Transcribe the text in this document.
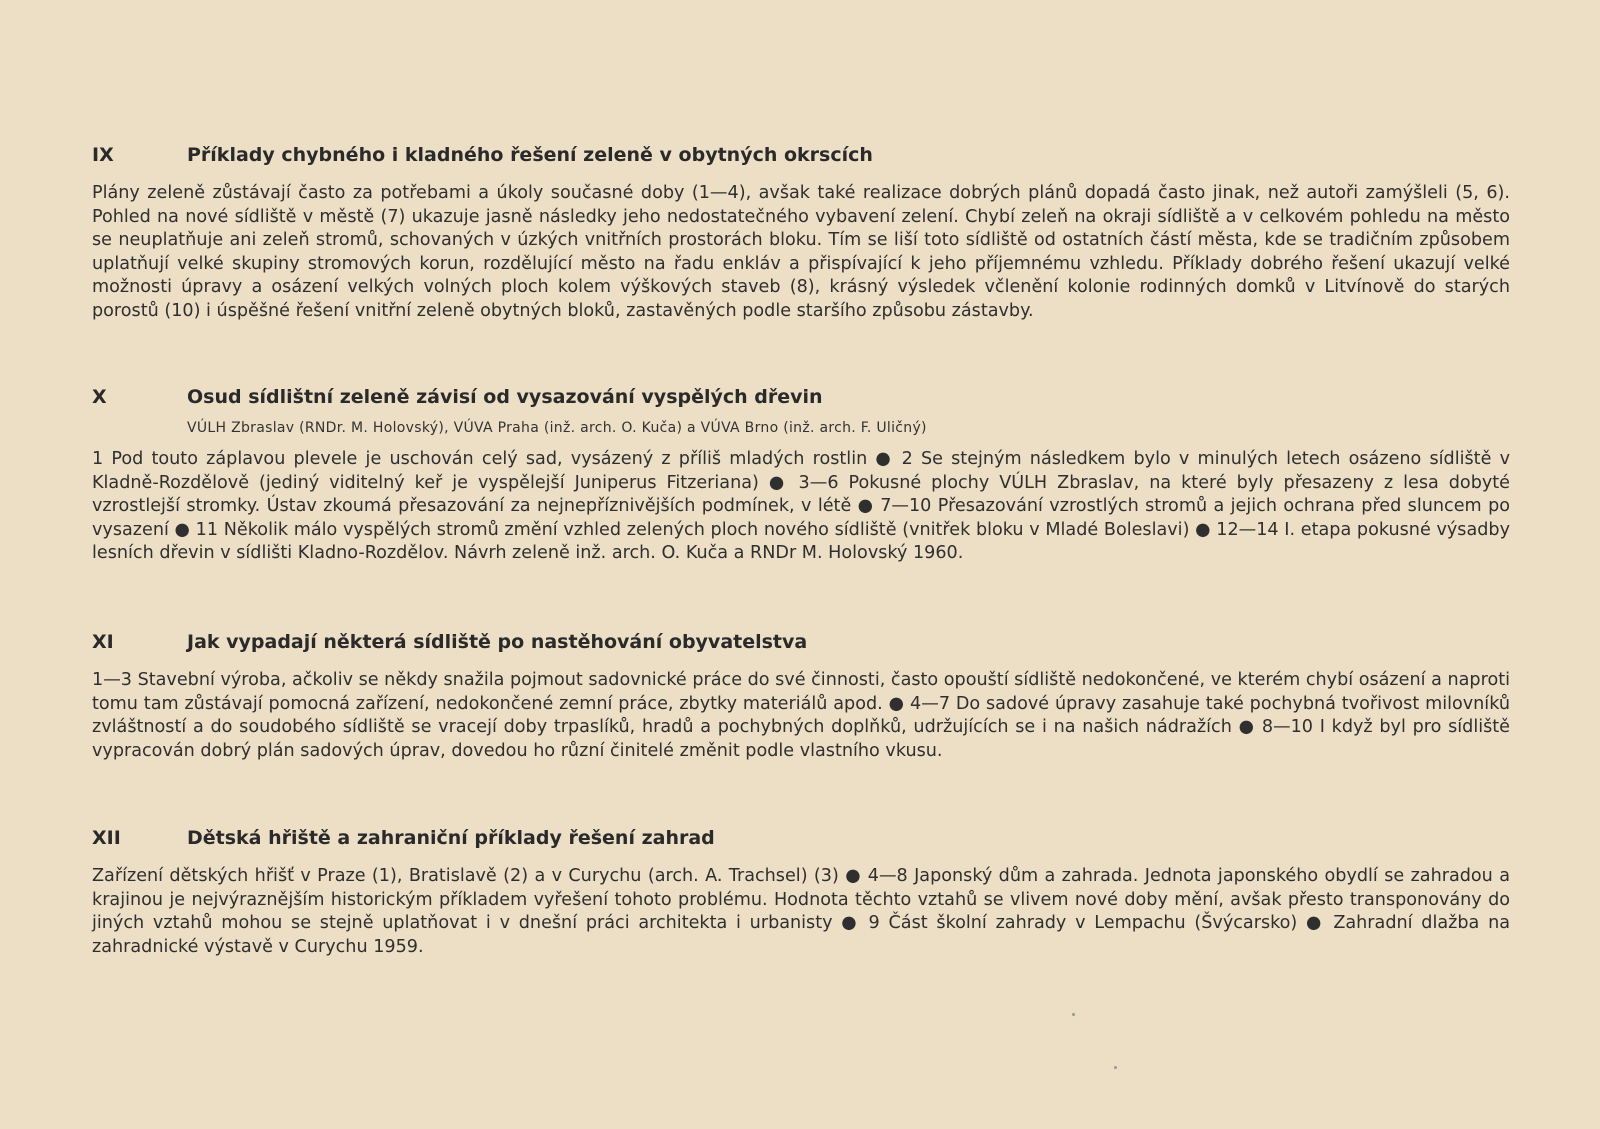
IX	Příklady chybného i kladného řešení zeleně v obytných okrscích
Plány zeleně zůstávají často za potřebami a úkoly současné doby (1—4), avšak také realizace dobrých plánů dopadá často jinak, než autoři zamýšleli (5, 6). Pohled na nové sídliště v městě (7) ukazuje jasně následky jeho nedostatečného vybavení zelení. Chybí zeleň na okraji sídliště a v celkovém pohledu na město se neuplatňuje ani zeleň stromů, schovaných v úzkých vnitřních prostorách bloku. Tím se liší toto sídliště od ostatních částí města, kde se tradičním způsobem uplatňují velké skupiny stromových korun, rozdělující město na řadu enkláv a přispívající k jeho příjemnému vzhledu. Příklady dobrého řešení ukazují velké možnosti úpravy a osázení velkých volných ploch kolem výškových staveb (8), krásný výsledek včlenění kolonie rodinných domků v Litvínově do starých porostů (10) i úspěšné řešení vnitřní zeleně obytných bloků, zastavěných podle staršího způsobu zástavby.
X	Osud sídlištní zeleně závisí od vysazování vyspělých dřevin
VÚLH Zbraslav (RNDr. M. Holovský), VÚVA Praha (inž. arch. O. Kuča) a VÚVA Brno (inž. arch. F. Uličný)
1 Pod touto záplavou plevele je uschován celý sad, vysázený z příliš mladých rostlin ● 2 Se stejným následkem bylo v minulých letech osázeno sídliště v Kladně-Rozdělově (jediný viditelný keř je vyspělejší Juniperus Fitzeriana) ● 3—6 Pokusné plochy VÚLH Zbraslav, na které byly přesazeny z lesa dobyté vzrostlejší stromky. Ústav zkoumá přesazování za nejnepříznivějších podmínek, v létě ● 7—10 Přesazování vzrostlých stromů a jejich ochrana před sluncem po vysazení ● 11 Několik málo vyspělých stromů změní vzhled zelených ploch nového sídliště (vnitřek bloku v Mladé Boleslavi) ● 12—14 I. etapa pokusné výsadby lesních dřevin v sídlišti Kladno-Rozdělov. Návrh zeleně inž. arch. O. Kuča a RNDr M. Holovský 1960.
XI	Jak vypadají některá sídliště po nastěhování obyvatelstva
1—3 Stavební výroba, ačkoliv se někdy snažila pojmout sadovnické práce do své činnosti, často opouští sídliště nedokončené, ve kterém chybí osázení a naproti tomu tam zůstávají pomocná zařízení, nedokončené zemní práce, zbytky materiálů apod. ● 4—7 Do sadové úpravy zasahuje také pochybná tvořivost milovníků zvláštností a do soudobého sídliště se vracejí doby trpaslíků, hradů a pochybných doplňků, udržujících se i na našich nádražích ● 8—10 I když byl pro sídliště vypracován dobrý plán sadových úprav, dovedou ho různí činitelé změnit podle vlastního vkusu.
XII	Dětská hřiště a zahraniční příklady řešení zahrad
Zařízení dětských hřišť v Praze (1), Bratislavě (2) a v Curychu (arch. A. Trachsel) (3) ● 4—8 Japonský dům a zahrada. Jednota japonského obydlí se zahradou a krajinou je nejvýraznějším historickým příkladem vyřešení tohoto problému. Hodnota těchto vztahů se vlivem nové doby mění, avšak přesto transponovány do jiných vztahů mohou se stejně uplatňovat i v dnešní práci architekta i urbanisty ● 9 Část školní zahrady v Lempachu (Švýcarsko) ● Zahradní dlažba na zahradnické výstavě v Curychu 1959.
